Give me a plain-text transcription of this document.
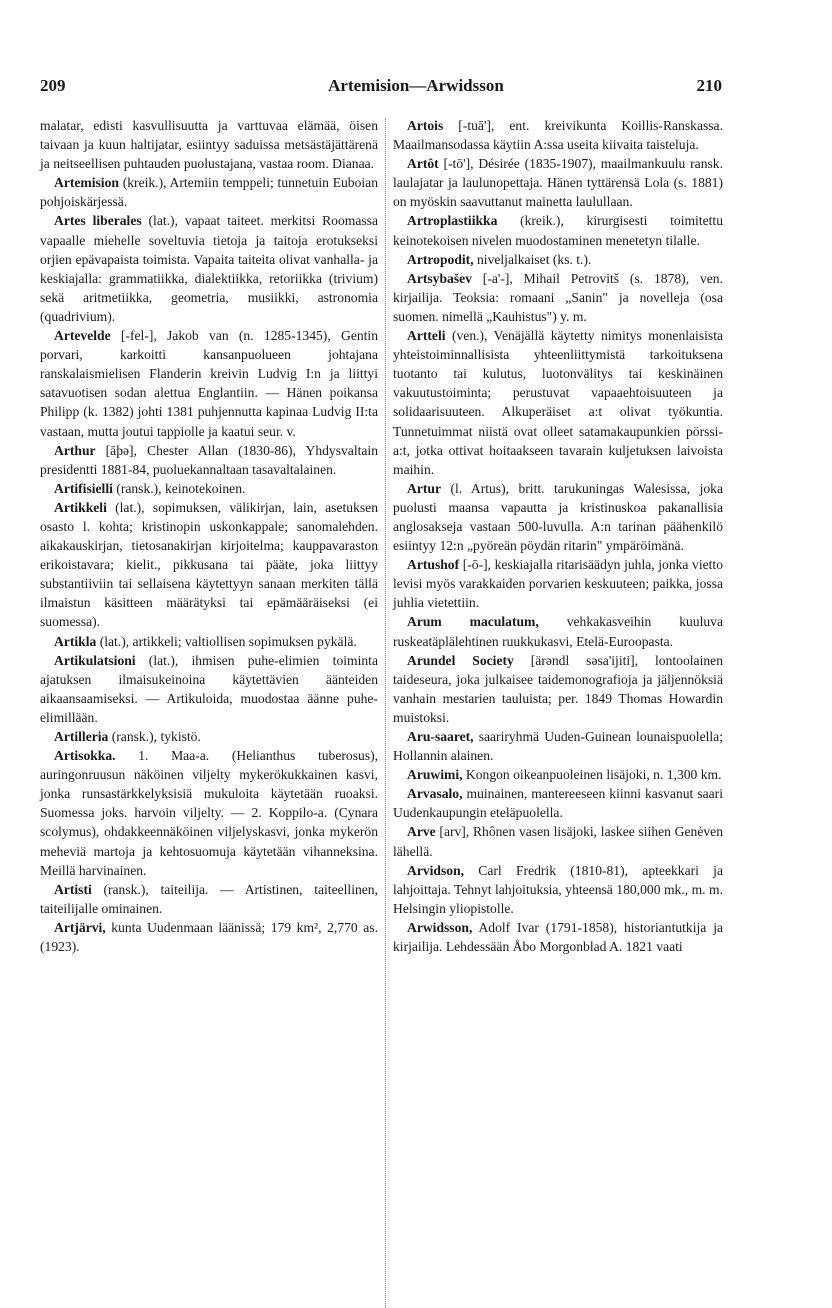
209	Artemision—Arwidsson	210

malatar, edisti kasvullisuutta ja varttuvaa elämää, öisen taivaan ja kuun haltijatar, esiintyy saduissa metsästäjättärenä ja neitseellisen puhtauden puolustajana, vastaa room. Dianaa.

Artemision (kreik.), Artemiin temppeli; tunnetuin Euboian pohjoiskärjessä.

Artes liberales (lat.), vapaat taiteet. merkitsi Roomassa vapaalle miehelle soveltuvia tietoja ja taitoja erotukseksi orjien epävapaista toimista. Vapaita taiteita olivat vanhalla- ja keskiajalla: grammatiikka, dialektiikka, retoriikka (trivium) sekä aritmetiikka, geometria, musiikki, astronomia (quadrivium).

Artevelde [-fel-], Jakob van (n. 1285-1345), Gentin porvari, karkoitti kansanpuolueen johtajana ranskalaismielisen Flanderin kreivin Ludvig I:n ja liittyi satavuotisen sodan alettua Englantiin. — Hänen poikansa Philipp (k. 1382) johti 1381 puhjennutta kapinaa Ludvig II:ta vastaan, mutta joutui tappiolle ja kaatui seur. v.

Arthur [āþə], Chester Allan (1830-86), Yhdysvaltain presidentti 1881-84, puoluekannaltaan tasavaltalainen.

Artifisielli (ransk.), keinotekoinen.

Artikkeli (lat.), sopimuksen, välikirjan, lain, asetuksen osasto l. kohta; kristinopin uskonkappale; sanomalehden. aikakauskirjan, tietosanakirjan kirjoitelma; kauppavaraston erikoistavara; kielit., pikkusana tai pääte, joka liittyy substantiiviin tai sellaisena käytettyyn sanaan merkiten tällä ilmaistun käsitteen määrätyksi tai epämääräiseksi (ei suomessa).

Artikla (lat.), artikkeli; valtiollisen sopimuksen pykälä.

Artikulatsioni (lat.), ihmisen puhe-elimien toiminta ajatuksen ilmaisukeinoina käytettävien äänteiden aikaansaamiseksi. — Artikuloida, muodostaa äänne puhe-elimillään.

Artilleria (ransk.), tykistö.

Artisokka. 1. Maa-a. (Helianthus tuberosus), auringonruusun näköinen viljelty mykerökukkainen kasvi, jonka runsastärkkelyksisiä mukuloita käytetään ruoaksi. Suomessa joks. harvoin viljelty. — 2. Koppilo-a. (Cynara scolymus), ohdakkeennäköinen viljelyskasvi, jonka mykerön meheviä martoja ja kehtosuomuja käytetään vihanneksina. Meillä harvinainen.

Artisti (ransk.), taiteilija. — Artistinen, taiteellinen, taiteilijalle ominainen.

Artjärvi, kunta Uudenmaan läänissä; 179 km², 2,770 as. (1923).

Artois [-tuā'], ent. kreivikunta Koillis-Ranskassa. Maailmansodassa käytiin A:ssa useita kiivaita taisteluja.

Artôt [-tō'], Désirée (1835-1907), maailmankuulu ransk. laulajatar ja laulunopettaja. Hänen tyttärensä Lola (s. 1881) on myöskin saavuttanut mainetta laulullaan.

Artroplastiikka (kreik.), kirurgisesti toimitettu keinotekoisen nivelen muodostaminen menetetyn tilalle.

Artropodit, niveljalkaiset (ks. t.).

Artsybašev [-a'-], Mihail Petrovitš (s. 1878), ven. kirjailija. Teoksia: romaani „Sanin" ja novelleja (osa suomen. nimellä „Kauhistus") y. m.

Artteli (ven.), Venäjällä käytetty nimitys monenlaisista yhteistoiminnallisista yhteenliittymistä tarkoituksena tuotanto tai kulutus, luotonvälitys tai keskinäinen vakuutustoiminta; perustuvat vapaaehtoisuuteen ja solidaarisuuteen. Alkuperäiset a:t olivat työkuntia. Tunnetuimmat niistä ovat olleet satamakaupunkien pörssi-a:t, jotka ottivat hoitaakseen tavarain kuljetuksen laivoista maihin.

Artur (l. Artus), britt. tarukuningas Walesissa, joka puolusti maansa vapautta ja kristinuskoa pakanallisia anglosakseja vastaan 500-luvulla. A:n tarinan päähenkilö esiintyy 12:n „pyöreän pöydän ritarin" ympäröimänä.

Artushof [-ō-], keskiajalla ritarisäädyn juhla, jonka vietto levisi myös varakkaiden porvarien keskuuteen; paikka, jossa juhlia vietettiin.

Arum maculatum, vehkakasveihin kuuluva ruskeatäplälehtinen ruukkukasvi, Etelä-Euroopasta.

Arundel Society [ärəndl səsa'ijiti], lontoolainen taideseura, joka julkaisee taidemonografioja ja jäljennöksiä vanhain mestarien tauluista; per. 1849 Thomas Howardin muistoksi.

Aru-saaret, saariryhmä Uuden-Guinean lounaispuolella; Hollannin alainen.

Aruwimi, Kongon oikeanpuoleinen lisäjoki, n. 1,300 km.

Arvasalo, muinainen, mantereeseen kiinni kasvanut saari Uudenkaupungin eteläpuolella.

Arve [arv], Rhônen vasen lisäjoki, laskee siihen Genèven lähellä.

Arvidson, Carl Fredrik (1810-81), apteekkari ja lahjoittaja. Tehnyt lahjoituksia, yhteensä 180,000 mk., m. m. Helsingin yliopistolle.

Arwidsson, Adolf Ivar (1791-1858), historiantutkija ja kirjailija. Lehdessään Åbo Morgonblad A. 1821 vaati
